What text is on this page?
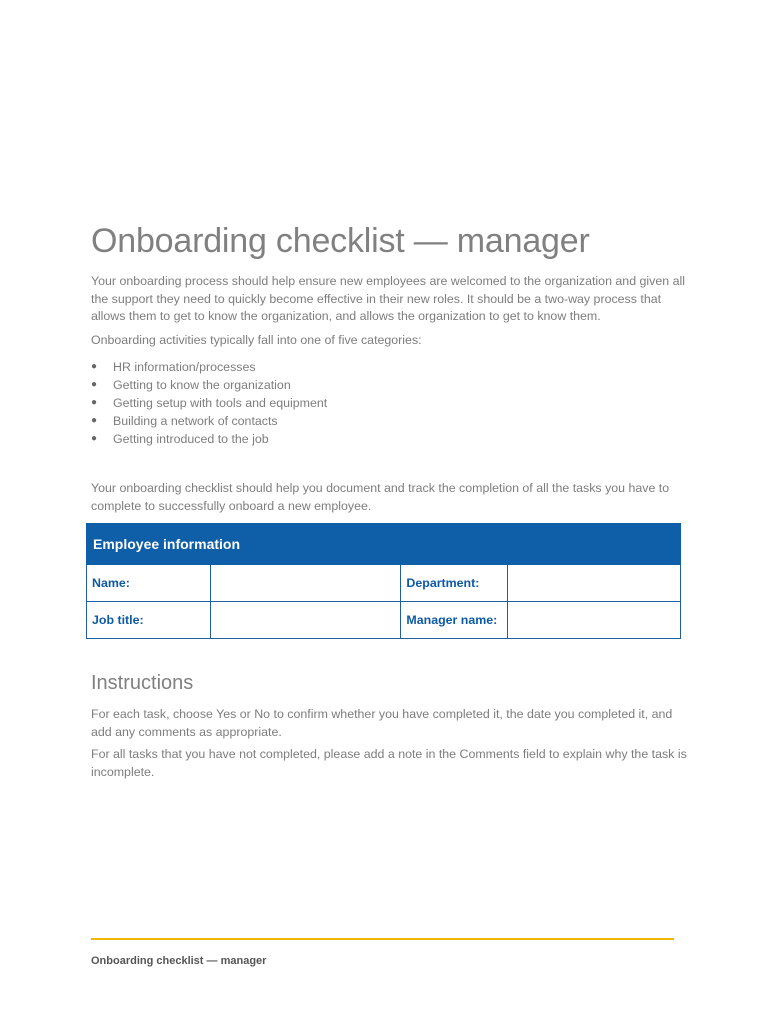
Onboarding checklist — manager

Your onboarding process should help ensure new employees are welcomed to the organization and given all the support they need to quickly become effective in their new roles. It should be a two-way process that allows them to get to know the organization, and allows the organization to get to know them.

Onboarding activities typically fall into one of five categories:

● HR information/processes
● Getting to know the organization
● Getting setup with tools and equipment
● Building a network of contacts
● Getting introduced to the job

Your onboarding checklist should help you document and track the completion of all the tasks you have to complete to successfully onboard a new employee.

Employee information			
Name:		Department:	
Job title:		Manager name:	
Instructions

For each task, choose Yes or No to confirm whether you have completed it, the date you completed it, and add any comments as appropriate.

For all tasks that you have not completed, please add a note in the Comments field to explain why the task is incomplete.

Onboarding checklist — manager
